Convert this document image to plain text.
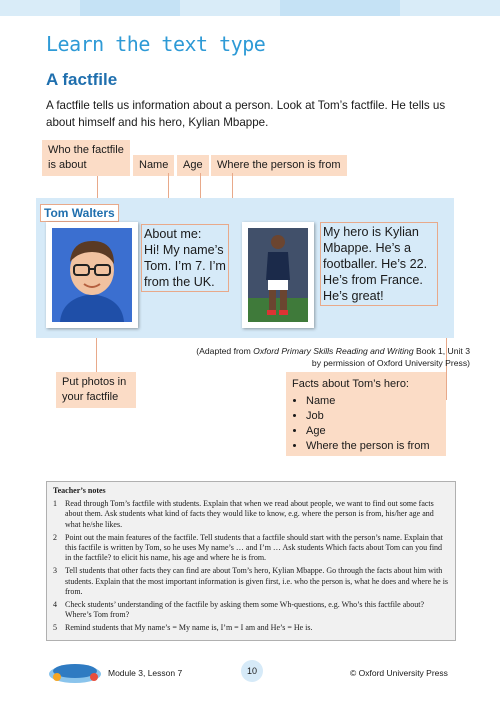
Learn the text type
A factfile

A factfile tells us information about a person. Look at Tom’s factfile. He tells us about himself and his hero, Kylian Mbappe.

Who the factfile is about	Name	Age	Where the person is from
Tom Walters
About me:
Hi! My name’s
Tom. I’m 7. I’m
from the UK.
My hero is Kylian
Mbappe. He’s a
footballer. He’s 22.
He’s from France.
He’s great!
(Adapted from Oxford Primary Skills Reading and Writing Book 1, Unit 3
by permission of Oxford University Press)
Put photos in your factfile
Facts about Tom’s hero:
• Name
• Job
• Age
• Where the person is from
Teacher’s notes
1	Read through Tom’s factfile with students. Explain that when we read about people, we want to find out some facts about them. Ask students what kind of facts they would like to know, e.g. where the person is from, his/her age and what he/she likes.
2	Point out the main features of the factfile. Tell students that a factfile should start with the person’s name. Explain that this factfile is written by Tom, so he uses My name’s … and I’m … Ask students Which facts about Tom can you find in the factfile? to elicit his name, his age and where he is from.
3	Tell students that other facts they can find are about Tom’s hero, Kylian Mbappe. Go through the facts about him with students. Explain that the most important information is given first, i.e. who the person is, what he does and where he is from.
4	Check students’ understanding of the factfile by asking them some Wh-questions, e.g. Who’s this factfile about? Where’s Tom from?
5	Remind students that My name’s = My name is, I’m = I am and He’s = He is.
Module 3, Lesson 7	10	© Oxford University Press
